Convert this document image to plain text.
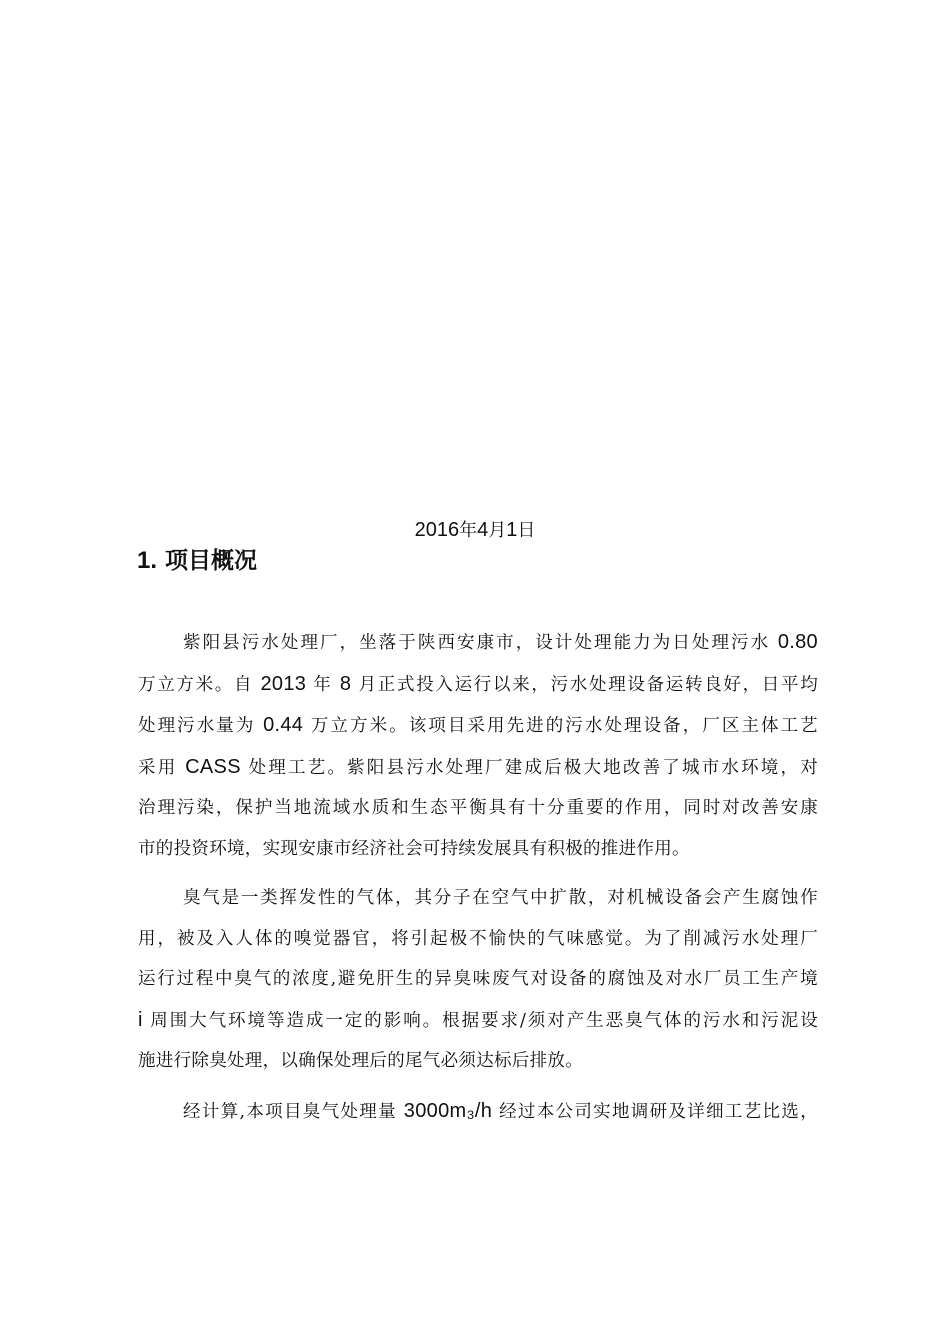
2016年4月1日
1. 项目概况
紫阳县污水处理厂，坐落于陕西安康市，设计处理能力为日处理污水 0.80
万立方米。自 2013 年 8 月正式投入运行以来，污水处理设备运转良好，日平均
处理污水量为 0.44 万立方米。该项目采用先进的污水处理设备，厂区主体工艺
采用 CASS 处理工艺。紫阳县污水处理厂建成后极大地改善了城市水环境，对
治理污染，保护当地流域水质和生态平衡具有十分重要的作用，同时对改善安康
市的投资环境，实现安康市经济社会可持续发展具有积极的推进作用。
臭气是一类挥发性的气体，其分子在空气中扩散，对机械设备会产生腐蚀作
用，被及入人体的嗅觉器官，将引起极不愉快的气味感觉。为了削减污水处理厂
运行过程中臭气的浓度,避免肝生的异臭味废气对设备的腐蚀及对水厂员工生产境
i 周围大气环境等造成一定的影响。根据要求/须对产生恶臭气体的污水和污泥设
施进行除臭处理，以确保处理后的尾气必须达标后排放。
经计算,本项目臭气处理量 3000m₃/h 经过本公司实地调研及详细工艺比选，
